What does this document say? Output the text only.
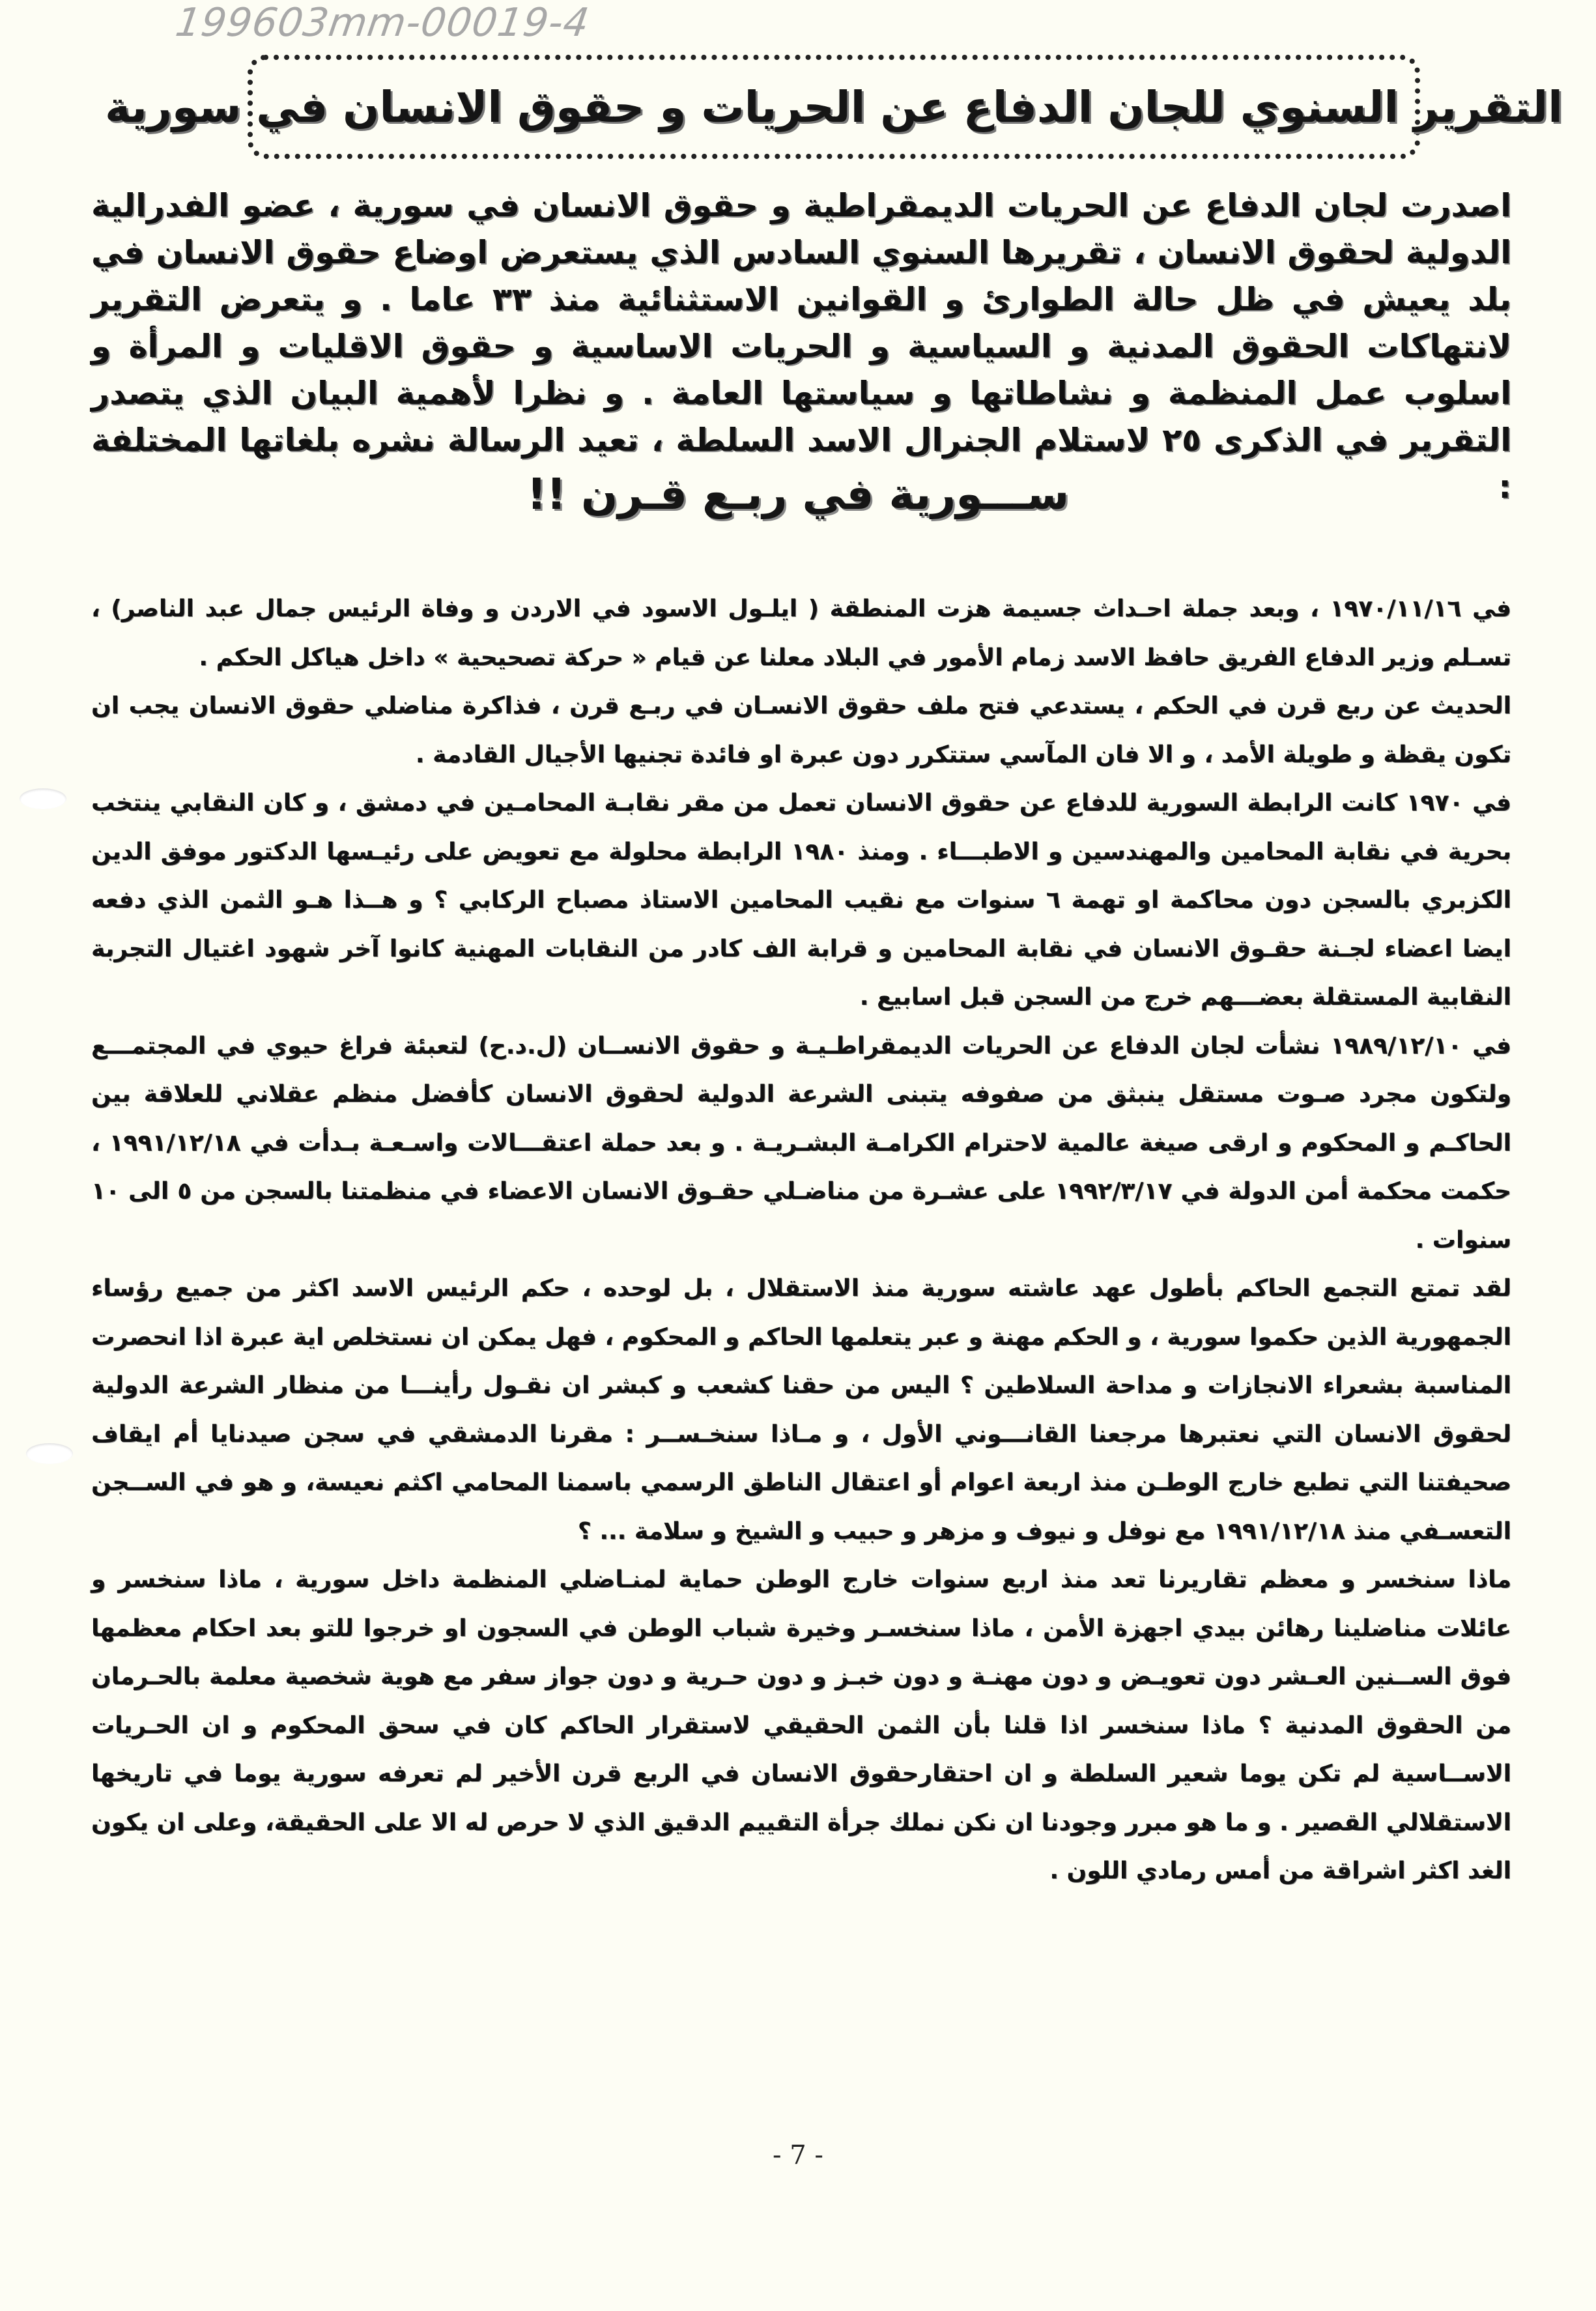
199603mm-00019-4
التقرير السنوي للجان الدفاع عن الحريات و حقوق الانسان في سورية
اصدرت لجان الدفاع عن الحريات الديمقراطية و حقوق الانسان في سورية ، عضو الفدرالية الدولية لحقوق الانسان ، تقريرها السنوي السادس الذي يستعرض اوضاع حقوق الانسان في بلد يعيش في ظل حالة الطوارئ و القوانين الاستثنائية منذ ٣٣ عاما . و يتعرض التقرير لانتهاكات الحقوق المدنية و السياسية و الحريات الاساسية و حقوق الاقليات و المرأة و اسلوب عمل المنظمة و نشاطاتها و سياستها العامة . و نظرا لأهمية البيان الذي يتصدر التقرير في الذكرى ٢٥ لاستلام الجنرال الاسد السلطة ، تعيد الرسالة نشره بلغاتها المختلفة :
ســـورية في ربـع قـرن !!

في ١٩٧٠/١١/١٦ ، وبعد جملة احـداث جسيمة هزت المنطقة ( ايلـول الاسود في الاردن و وفاة الرئيس جمال عبد الناصر) ، تسـلم وزير الدفاع الفريق حافظ الاسد زمام الأمور في البلاد معلنا عن قيام « حركة تصحيحية » داخل هياكل الحكم .

الحديث عن ربع قرن في الحكم ، يستدعي فتح ملف حقوق الانسـان في ربـع قرن ، فذاكرة مناضلي حقوق الانسان يجب ان تكون يقظة و طويلة الأمد ، و الا فان المآسي ستتكرر دون عبرة او فائدة تجنيها الأجيال القادمة .

في ١٩٧٠ كانت الرابطة السورية للدفاع عن حقوق الانسان تعمل من مقر نقابـة المحامـين في دمشق ، و كان النقابي ينتخب بحرية في نقابة المحامين والمهندسين و الاطبـــاء . ومنذ ١٩٨٠ الرابطة محلولة مع تعويض على رئيـسها الدكتور موفق الدين الكزبري بالسجن دون محاكمة او تهمة ٦ سنوات مع نقيب المحامين الاستاذ مصباح الركابي ؟ و هــذا هـو الثمن الذي دفعه ايضا اعضاء لجـنة حقـوق الانسان في نقابة المحامين و قرابة الف كادر من النقابات المهنية كانوا آخر شهود اغتيال التجربة النقابية المستقلة بعضـــهم خرج من السجن قبل اسابيع .

في ١٩٨٩/١٢/١٠ نشأت لجان الدفاع عن الحريات الديمقراطـيـة و حقوق الانســان (ل.د.ح) لتعبئة فراغ حيوي في المجتمـــع ولتكون مجرد صـوت مستقل ينبثق من صفوفه يتبنى الشرعة الدولية لحقوق الانسان كأفضل منظم عقلاني للعلاقة بين الحاكـم و المحكوم و ارقى صيغة عالمية لاحترام الكرامـة البشـريـة . و بعد حملة اعتقـــالات واسـعـة بـدأت في ١٩٩١/١٢/١٨ ، حكمت محكمة أمن الدولة في ١٩٩٢/٣/١٧ على عشـرة من مناضـلي حقـوق الانسان الاعضاء في منظمتنا بالسجن من ٥ الى ١٠ سنوات .

لقد تمتع التجمع الحاكم بأطول عهد عاشته سورية منذ الاستقلال ، بل لوحده ، حكم الرئيس الاسد اكثر من جميع رؤساء الجمهورية الذين حكموا سورية ، و الحكم مهنة و عبر يتعلمها الحاكم و المحكوم ، فهل يمكن ان نستخلص اية عبرة اذا انحصرت المناسبة بشعراء الانجازات و مداحة السلاطين ؟ اليس من حقنا كشعب و كبشر ان نقـول رأينـــا من منظار الشرعة الدولية لحقوق الانسان التي نعتبرها مرجعنا القانـــوني الأول ، و مـاذا سنخـســر : مقرنا الدمشقي في سجن صيدنايا أم ايقاف صحيفتنا التي تطبع خارج الوطـن منذ اربعة اعوام أو اعتقال الناطق الرسمي باسمنا المحامي اكثم نعيسة، و هو في الســجن التعسـفي منذ ١٩٩١/١٢/١٨ مع نوفل و نيوف و مزهر و حبيب و الشيخ و سلامة ... ؟

ماذا سنخسر و معظم تقاريرنا تعد منذ اربع سنوات خارج الوطن حماية لمنـاضلي المنظمة داخل سورية ، ماذا سنخسر و عائلات مناضلينا رهائن بيدي اجهزة الأمن ، ماذا سنخسـر وخيرة شباب الوطن في السجون او خرجوا للتو بعد احكام معظمها فوق الســنين العـشر دون تعويـض و دون مهنـة و دون خبـز و دون حـرية و دون جواز سفر مع هوية شخصية معلمة بالحـرمان من الحقوق المدنية ؟ ماذا سنخسر اذا قلنا بأن الثمن الحقيقي لاستقرار الحاكم كان في سحق المحكوم و ان الحـريات الاســاسية لم تكن يوما شعير السلطة و ان احتقارحقوق الانسان في الربع قرن الأخير لم تعرفه سورية يوما في تاريخها الاستقلالي القصير . و ما هو مبرر وجودنا ان نكن نملك جرأة التقييم الدقيق الذي لا حرص له الا على الحقيقة، وعلى ان يكون الغد اكثر اشراقة من أمس رمادي اللون .

- 7 -
